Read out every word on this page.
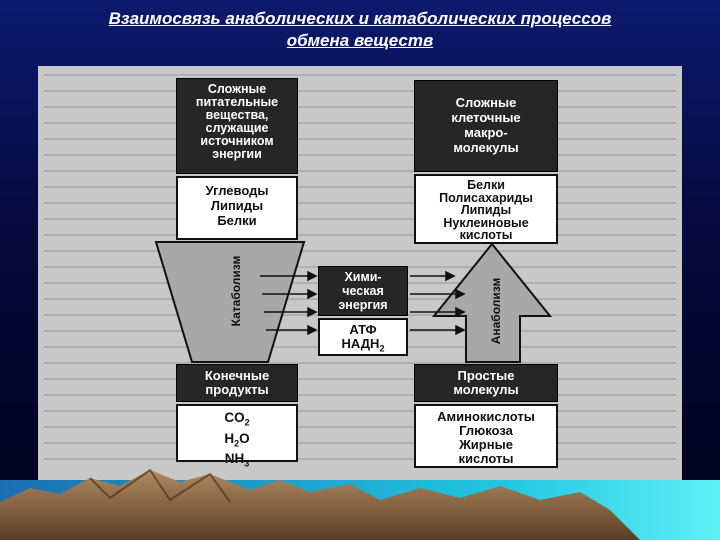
Взаимосвязь анаболических и катаболических процессов
обмена веществ
Сложные
питательные
вещества,
служащие
источником
энергии
Углеводы
Липиды
Белки
Сложные
клеточные
макро-
молекулы
Белки
Полисахариды
Липиды
Нуклеиновые
кислоты
Хими-
ческая
энергия
АТФ
$НАДН_2$
Конечные
продукты
$CO_2$
$H_2O$
$NH_3$
Простые
молекулы
Аминокислоты
Глюкоза
Жирные
кислоты
Катаболизм	Анаболизм
